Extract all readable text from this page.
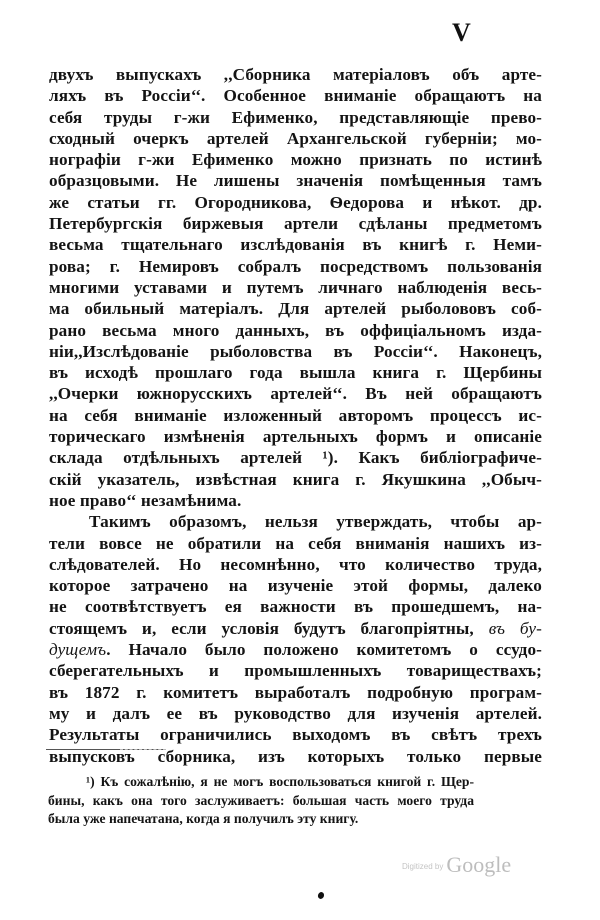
V
двухъ выпускахъ ,,Сборника матеріаловъ объ арте-
ляхъ въ Россіи‘‘. Особенное вниманіе обращаютъ на
себя труды г-жи Ефименко, представляющіе прево-
сходный очеркъ артелей Архангельской губерніи; мо-
нографіи г-жи Ефименко можно признать по истинѣ
образцовыми. Не лишены значенія помѣщенныя тамъ
же статьи гг. Огородникова, Ѳедорова и нѣкот. др.
Петербургскія биржевыя артели сдѣланы предметомъ
весьма тщательнаго изслѣдованія въ книгѣ г. Неми-
рова; г. Немировъ собралъ посредствомъ пользованія
многими уставами и путемъ личнаго наблюденія весь-
ма обильный матеріалъ. Для артелей рыболововъ соб-
рано весьма много данныхъ, въ оффиціальномъ изда-
ніи,,Изслѣдованіе рыболовства въ Россіи‘‘. Наконецъ,
въ исходѣ прошлаго года вышла книга г. Щербины
,,Очерки южнорусскихъ артелей‘‘. Въ ней обращаютъ
на себя вниманіе изложенный авторомъ процессъ ис-
торическаго измѣненія артельныхъ формъ и описаніе
склада отдѣльныхъ артелей ¹). Какъ библіографиче-
скій указатель, извѣстная книга г. Якушкина ,,Обыч-
ное право‘‘ незамѣнима.
Такимъ образомъ, нельзя утверждать, чтобы ар-
тели вовсе не обратили на себя вниманія нашихъ из-
слѣдователей. Но несомнѣнно, что количество труда,
которое затрачено на изученіе этой формы, далеко
не соотвѣтствуетъ ея важности въ прошедшемъ, на-
стоящемъ и, если условія будутъ благопріятны, въ бу-
дущемъ. Начало было положено комитетомъ о ссудо-
сберегательныхъ и промышленныхъ товариществахъ;
въ 1872 г. комитетъ выработалъ подробную програм-
му и далъ ее въ руководство для изученія артелей.
Результаты ограничились выходомъ въ свѣтъ трехъ
выпусковъ сборника, изъ которыхъ только первые
¹) Къ сожалѣнію, я не могъ воспользоваться книгой г. Щер-
бины, какъ она того заслуживаетъ: большая часть моего труда
была уже напечатана, когда я получилъ эту книгу.
Digitized by Google
